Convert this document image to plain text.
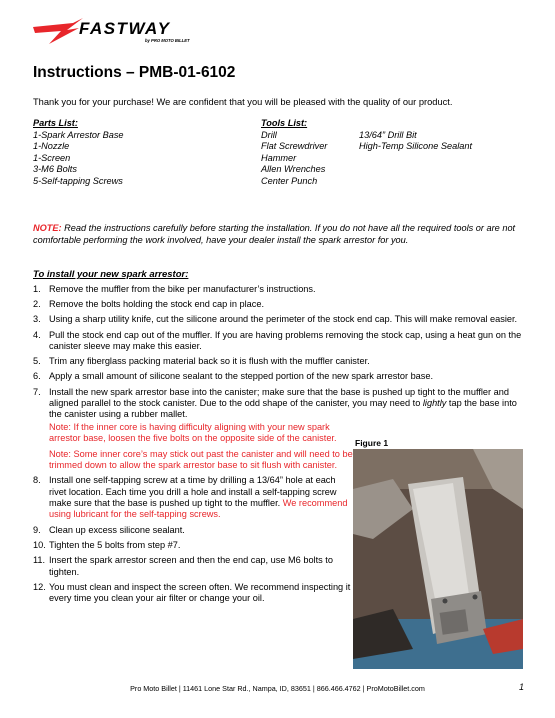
FASTWAY
by PRO MOTO BILLET
Instructions – PMB-01-6102
Thank you for your purchase! We are confident that you will be pleased with the quality of our product.
Parts List:
1-Spark Arrestor Base
1-Nozzle
1-Screen
3-M6 Bolts
5-Self-tapping Screws
Tools List:
Drill
Flat Screwdriver
Hammer
Allen Wrenches
Center Punch
13/64” Drill Bit
High-Temp Silicone Sealant
NOTE: Read the instructions carefully before starting the installation. If you do not have all the required tools or are not comfortable performing the work involved, have your dealer install the spark arrestor for you.
To install your new spark arrestor:
1. Remove the muffler from the bike per manufacturer’s instructions.
2. Remove the bolts holding the stock end cap in place.
3. Using a sharp utility knife, cut the silicone around the perimeter of the stock end cap. This will make removal easier.
4. Pull the stock end cap out of the muffler. If you are having problems removing the stock cap, using a heat gun on the canister sleeve may make this easier.
5. Trim any fiberglass packing material back so it is flush with the muffler canister.
6. Apply a small amount of silicone sealant to the stepped portion of the new spark arrestor base.
7. Install the new spark arrestor base into the canister; make sure that the base is pushed up tight to the muffler and aligned parallel to the stock canister. Due to the odd shape of the canister, you may need to lightly tap the base into the canister using a rubber mallet.
Note: If the inner core is having difficulty aligning with your new spark arrestor base, loosen the five bolts on the opposite side of the canister.
Note: Some inner core’s may stick out past the canister and will need to be trimmed down to allow the spark arrestor base to sit flush with canister.
8. Install one self-tapping screw at a time by drilling a 13/64” hole at each rivet location. Each time you drill a hole and install a self-tapping screw make sure that the base is pushed up tight to the muffler. We recommend using lubricant for the self-tapping screws.
9. Clean up excess silicone sealant.
10. Tighten the 5 bolts from step #7.
11. Insert the spark arrestor screen and then the end cap, use M6 bolts to tighten.
12. You must clean and inspect the screen often. We recommend inspecting it every time you clean your air filter or change your oil.
Figure 1
Pro Moto Billet | 11461 Lone Star Rd., Nampa, ID, 83651 | 866.466.4762 | ProMotoBillet.com	1
